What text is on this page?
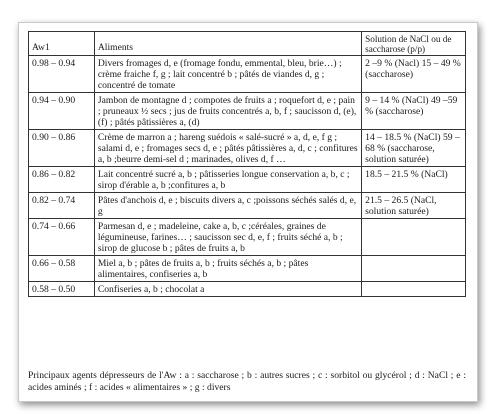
Aw1	Aliments	Solution de NaCl ou de saccharose (p/p)
0.98 – 0.94	Divers fromages d, e (fromage fondu, emmental, bleu, brie…) ; crème fraiche f, g ; lait concentré b ; pâtés de viandes d, g ; concentré de tomate	2 –9 % (Nacl) 15 – 49 % (saccharose)
0.94 – 0.90	Jambon de montagne d ; compotes de fruits a ; roquefort d, e ; pain ; pruneaux ½ secs ; jus de fruits concentrés a, b, f ; saucisson d, (e), (f) ; pâtés pâtissières a, (d)	9 – 14 % (NaCl) 49 –59 % (saccharose)
0.90 – 0.86	Crème de marron a ; hareng suédois « salé-sucré » a, d, e, f g ; salami d, e ; fromages secs d, e ; pâtés pâtissières a, d, c ; confitures a, b ;beurre demi-sel d ; marinades, olives d, f …	14 – 18.5 % (NaCl) 59 – 68 % (saccharose, solution saturée)
0.86 – 0.82	Lait concentré sucré a, b ; pâtisseries longue conservation a, b, c ; sirop d'érable a, b ;confitures a, b	18.5 – 21.5 % (NaCl)
0.82 – 0.74	Pâtes d'anchois d, e ; biscuits divers a, c ;poissons séchés salés d, e, g	21.5 – 26.5 (NaCl, solution saturée)
0.74 – 0.66	Parmesan d, e ; madeleine, cake a, b, c ;céréales, graines de légumineuse, farines… ; saucisson sec d, e, f ; fruits séché a, b ; sirop de glucose b ; pâtes de fruits a, b	
0.66 – 0.58	Miel a, b ; pâtes de fruits a, b ; fruits séchés a, b ; pâtes alimentaires, confiseries a, b	
0.58 – 0.50	Confiseries a, b ; chocolat a	
Principaux agents dépresseurs de l'Aw : a : saccharose ; b : autres sucres ; c : sorbitol ou glycérol ; d : NaCl ; e : acides aminés ; f : acides « alimentaires » ; g : divers
